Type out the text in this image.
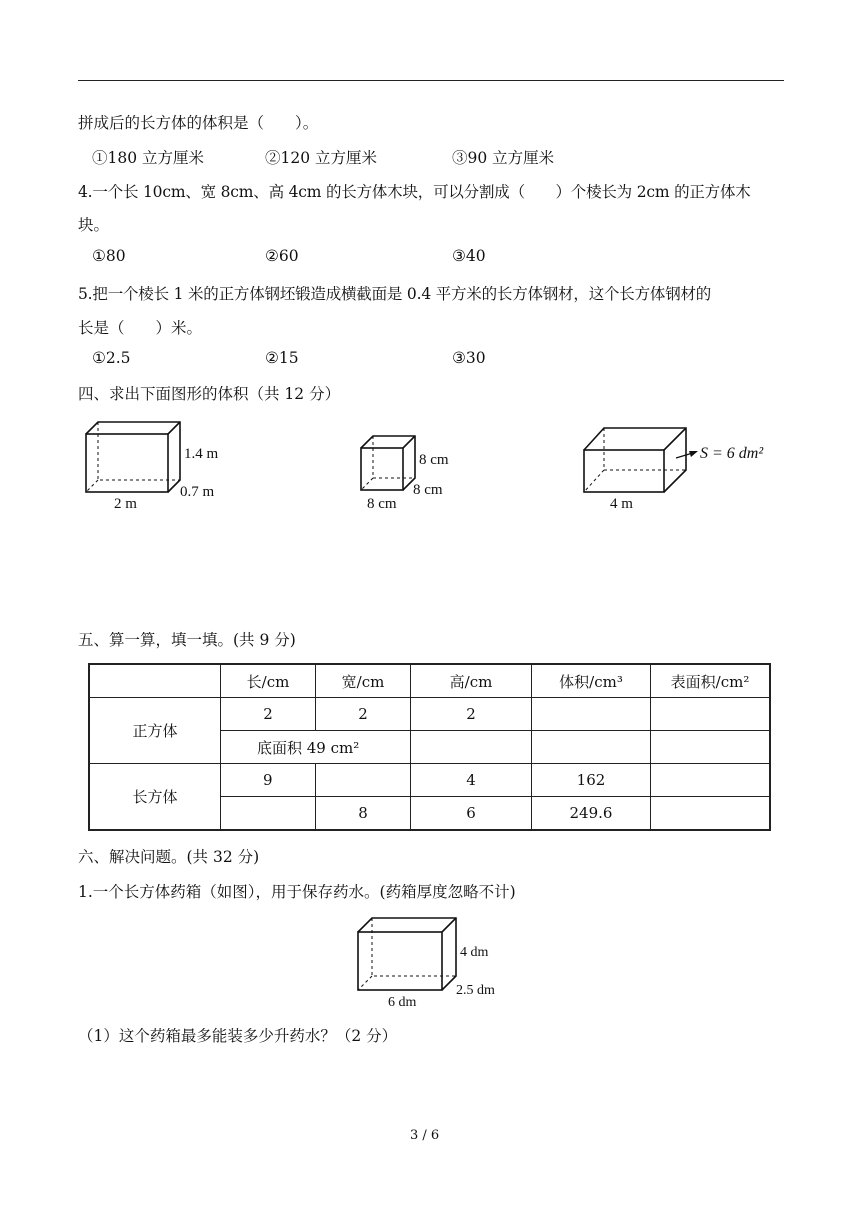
拼成后的长方体的体积是（　　）。
①180 立方厘米	②120 立方厘米	③90 立方厘米
4.一个长 10cm、宽 8cm、高 4cm 的长方体木块，可以分割成（　　）个棱长为 2cm 的正方体木
块。
①80	②60	③40
5.把一个棱长 1 米的正方体钢坯锻造成横截面是 0.4 平方米的长方体钢材，这个长方体钢材的
长是（　　）米。
①2.5	②15	③30
四、求出下面图形的体积（共 12 分）
1.4 m
0.7 m
2 m
8 cm
8 cm
8 cm
S = 6 dm²
4 m
五、算一算，填一填。(共 9 分)
	长/cm	宽/cm	高/cm	体积/cm³	表面积/cm²
正方体	2	2	2		
	底面积 49 cm²				
长方体	9		4	162	
		8	6	249.6	
六、解决问题。(共 32 分)
1.一个长方体药箱（如图），用于保存药水。(药箱厚度忽略不计)
4 dm
2.5 dm
6 dm
（1）这个药箱最多能装多少升药水？（2 分）
3 / 6
